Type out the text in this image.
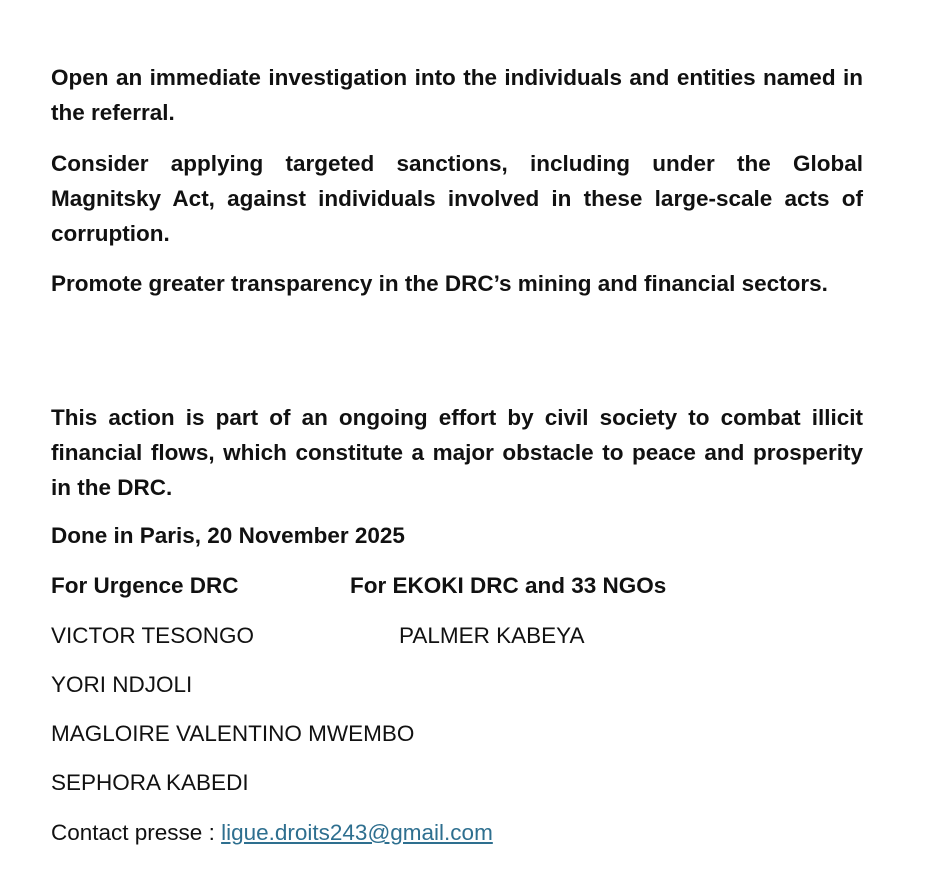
Open an immediate investigation into the individuals and entities named in the referral.

Consider applying targeted sanctions, including under the Global Magnitsky Act, against individuals involved in these large-scale acts of corruption.

Promote greater transparency in the DRC’s mining and financial sectors.

This action is part of an ongoing effort by civil society to combat illicit financial flows, which constitute a major obstacle to peace and prosperity in the DRC.

Done in Paris, 20 November 2025

For Urgence DRC	For EKOKI DRC and 33 NGOs
VICTOR TESONGO	PALMER KABEYA
YORI NDJOLI
MAGLOIRE VALENTINO MWEMBO
SEPHORA KABEDI
Contact presse : ligue.droits243@gmail.com
